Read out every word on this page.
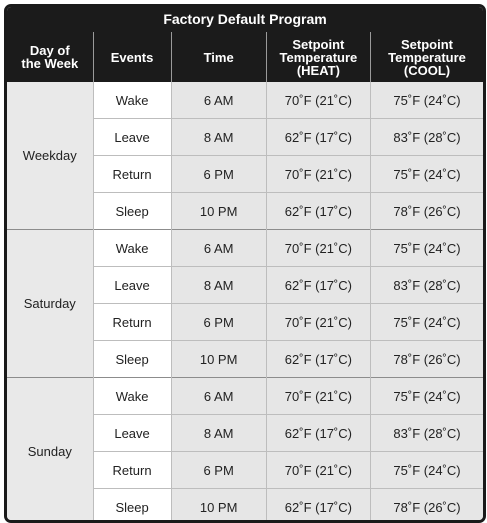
Factory Default Program
Day of
the Week	Events	Time	Setpoint
Temperature
(HEAT)	Setpoint
Temperature
(COOL)
Weekday	Wake	6 AM	70˚F (21˚C)	75˚F (24˚C)
	Leave	8 AM	62˚F (17˚C)	83˚F (28˚C)
	Return	6 PM	70˚F (21˚C)	75˚F (24˚C)
	Sleep	10 PM	62˚F (17˚C)	78˚F (26˚C)
Saturday	Wake	6 AM	70˚F (21˚C)	75˚F (24˚C)
	Leave	8 AM	62˚F (17˚C)	83˚F (28˚C)
	Return	6 PM	70˚F (21˚C)	75˚F (24˚C)
	Sleep	10 PM	62˚F (17˚C)	78˚F (26˚C)
Sunday	Wake	6 AM	70˚F (21˚C)	75˚F (24˚C)
	Leave	8 AM	62˚F (17˚C)	83˚F (28˚C)
	Return	6 PM	70˚F (21˚C)	75˚F (24˚C)
	Sleep	10 PM	62˚F (17˚C)	78˚F (26˚C)
